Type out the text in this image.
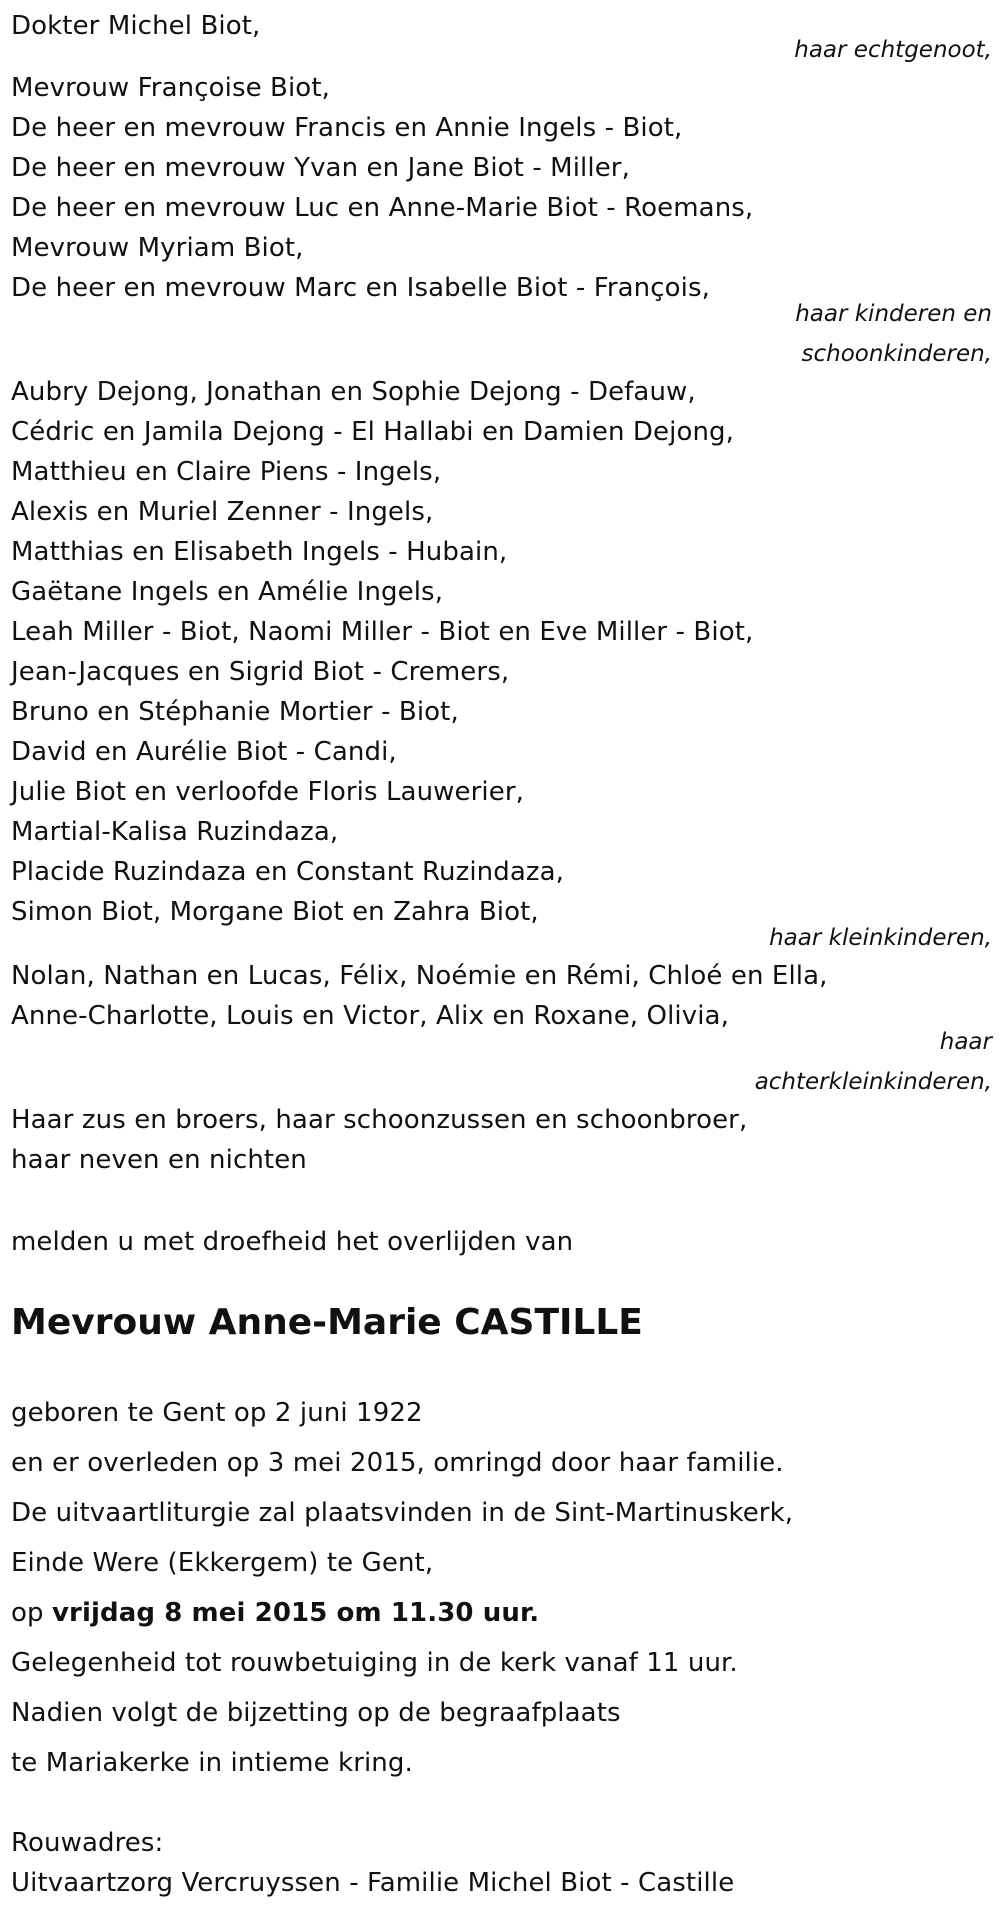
Dokter Michel Biot,
haar echtgenoot,
Mevrouw Françoise Biot,
De heer en mevrouw Francis en Annie Ingels - Biot,
De heer en mevrouw Yvan en Jane Biot - Miller,
De heer en mevrouw Luc en Anne-Marie Biot - Roemans,
Mevrouw Myriam Biot,
De heer en mevrouw Marc en Isabelle Biot - François,
haar kinderen en
schoonkinderen,
Aubry Dejong, Jonathan en Sophie Dejong - Defauw,
Cédric en Jamila Dejong - El Hallabi en Damien Dejong,
Matthieu en Claire Piens - Ingels,
Alexis en Muriel Zenner - Ingels,
Matthias en Elisabeth Ingels - Hubain,
Gaëtane Ingels en Amélie Ingels,
Leah Miller - Biot, Naomi Miller - Biot en Eve Miller - Biot,
Jean-Jacques en Sigrid Biot - Cremers,
Bruno en Stéphanie Mortier - Biot,
David en Aurélie Biot - Candi,
Julie Biot en verloofde Floris Lauwerier,
Martial-Kalisa Ruzindaza,
Placide Ruzindaza en Constant Ruzindaza,
Simon Biot, Morgane Biot en Zahra Biot,
haar kleinkinderen,
Nolan, Nathan en Lucas, Félix, Noémie en Rémi, Chloé en Ella,
Anne-Charlotte, Louis en Victor, Alix en Roxane, Olivia,
haar
achterkleinkinderen,
Haar zus en broers, haar schoonzussen en schoonbroer,
haar neven en nichten
melden u met droefheid het overlijden van
Mevrouw Anne-Marie CASTILLE
geboren te Gent op 2 juni 1922
en er overleden op 3 mei 2015, omringd door haar familie.
De uitvaartliturgie zal plaatsvinden in de Sint-Martinuskerk,
Einde Were (Ekkergem) te Gent,
op vrijdag 8 mei 2015 om 11.30 uur.
Gelegenheid tot rouwbetuiging in de kerk vanaf 11 uur.
Nadien volgt de bijzetting op de begraafplaats
te Mariakerke in intieme kring.
Rouwadres:
Uitvaartzorg Vercruyssen - Familie Michel Biot - Castille
